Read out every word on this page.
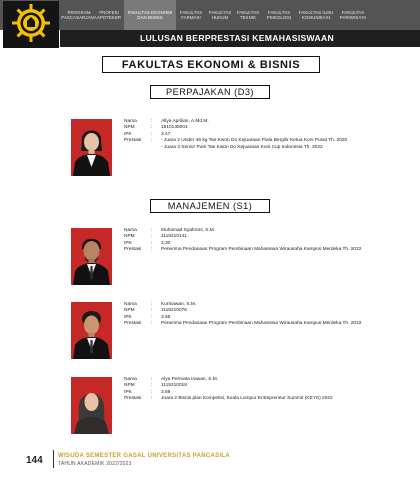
PROGRAM
PASCASARJANA
PROFESI
APOTEKER
FAKULTAS EKONOMI
DAN BISNIS
FAKULTAS
FARMASI
FAKULTAS
HUKUM
FAKULTAS
TEKNIK
FAKULTAS
PSIKOLOGI
FAKULTAS ILMU
KOMUNIKASI
FAKULTAS
PARIWISATA
LULUSAN BERPRESTASI KEMAHASISWAAN
FAKULTAS EKONOMI & BISNIS
PERPAJAKAN (D3)
Nama	:	Allya Aprilian, A.Md.M.
NPM	:	1910135001
IPK	:	3.47
Prestasi	:	- Juara 2 Under 46 kg Tae Kwon Do Kejuaraan Piala Bergilir Ketua Koni Pusat Th. 2020
- Juara 3 Senior Putri Tae Kwon Do Kejuaraan Koni Cup Indonesia Th. 2022
MANAJEMEN (S1)
Nama	:	Muhamad Syahroni, S.M.
NPM	:	1119210141
IPK	:	3.30
Prestasi	:	Penerima Pendanaan Program Pembinaan Mahasiswa Wirausaha Kampus Merdeka Th. 2022
Nama	:	Kurniawan, S.M.
NPM	:	1119210076
IPK	:	3.65
Prestasi	:	Penerima Pendanaan Program Pembinaan Mahasiswa Wirausaha Kampus Merdeka Th. 2022
Nama	:	Alya Permata Irawan, S.M.
NPM	:	1119210018
IPK	:	3.69
Prestasi	:	Juara 2 Bisnis plan Kompetisi, Kuala Lumpur Entrepreneur Summit (KEYS) 2022
144	WISUDA SEMESTER GASAL UNIVERSITAS PANCASILA
TAHUN AKADEMIK 2022/2023
